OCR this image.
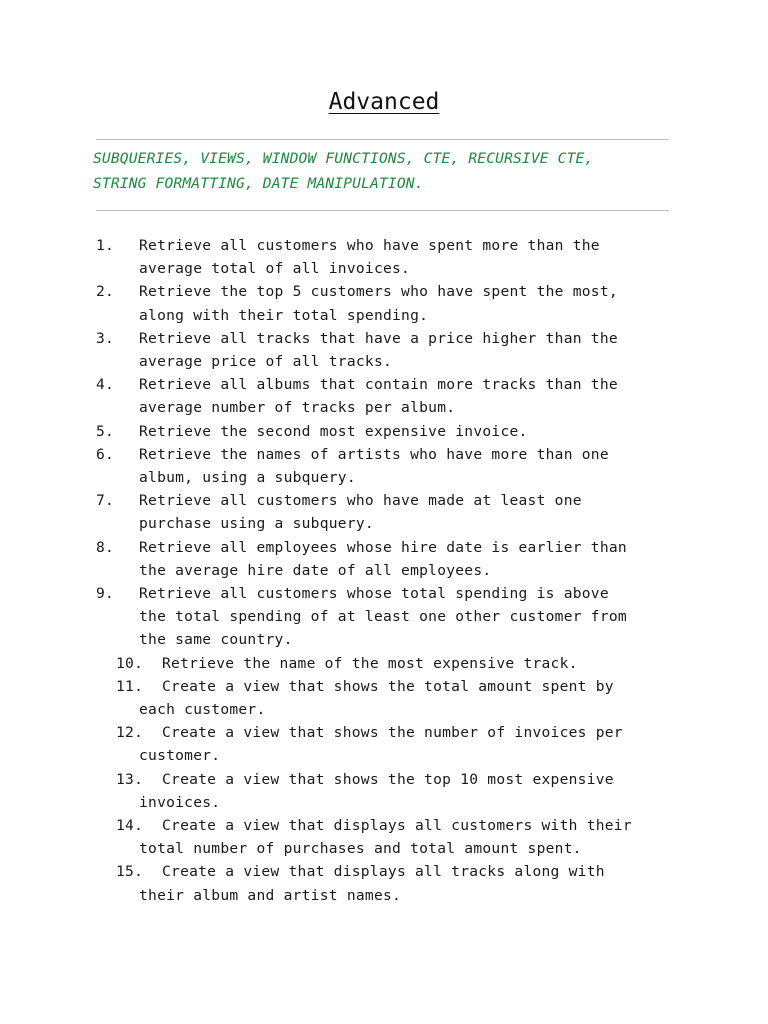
Advanced
SUBQUERIES, VIEWS, WINDOW FUNCTIONS, CTE, RECURSIVE CTE,
STRING FORMATTING, DATE MANIPULATION.
1.	Retrieve all customers who have spent more than the
average total of all invoices.
2.	Retrieve the top 5 customers who have spent the most,
along with their total spending.
3.	Retrieve all tracks that have a price higher than the
average price of all tracks.
4.	Retrieve all albums that contain more tracks than the
average number of tracks per album.
5.	Retrieve the second most expensive invoice.
6.	Retrieve the names of artists who have more than one
album, using a subquery.
7.	Retrieve all customers who have made at least one
purchase using a subquery.
8.	Retrieve all employees whose hire date is earlier than
the average hire date of all employees.
9.	Retrieve all customers whose total spending is above
the total spending of at least one other customer from
the same country.
10.	Retrieve the name of the most expensive track.
11.	Create a view that shows the total amount spent by
each customer.
12.	Create a view that shows the number of invoices per
customer.
13.	Create a view that shows the top 10 most expensive
invoices.
14.	Create a view that displays all customers with their
total number of purchases and total amount spent.
15.	Create a view that displays all tracks along with
their album and artist names.
